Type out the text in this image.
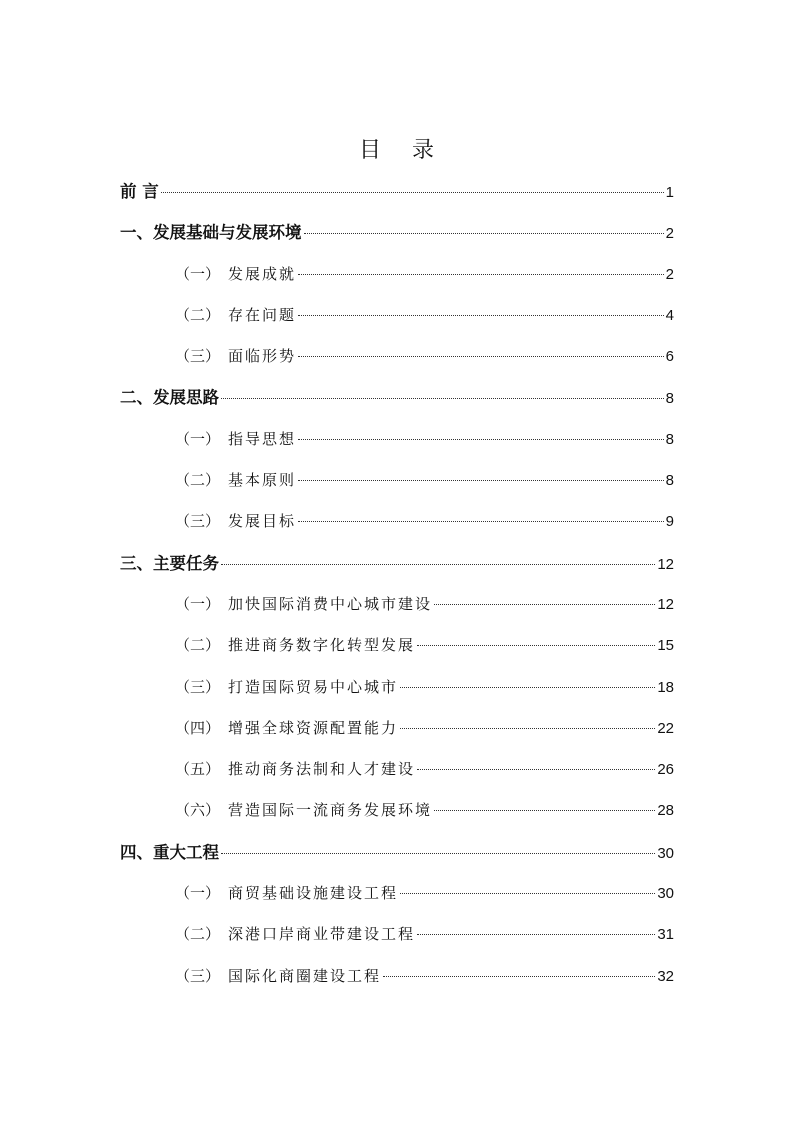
目 录
前 言	1
一、发展基础与发展环境	2
（一） 发展成就	2
（二） 存在问题	4
（三） 面临形势	6
二、发展思路	8
（一） 指导思想	8
（二） 基本原则	8
（三） 发展目标	9
三、主要任务	12
（一） 加快国际消费中心城市建设	12
（二） 推进商务数字化转型发展	15
（三） 打造国际贸易中心城市	18
（四） 增强全球资源配置能力	22
（五） 推动商务法制和人才建设	26
（六） 营造国际一流商务发展环境	28
四、重大工程	30
（一） 商贸基础设施建设工程	30
（二） 深港口岸商业带建设工程	31
（三） 国际化商圈建设工程	32
